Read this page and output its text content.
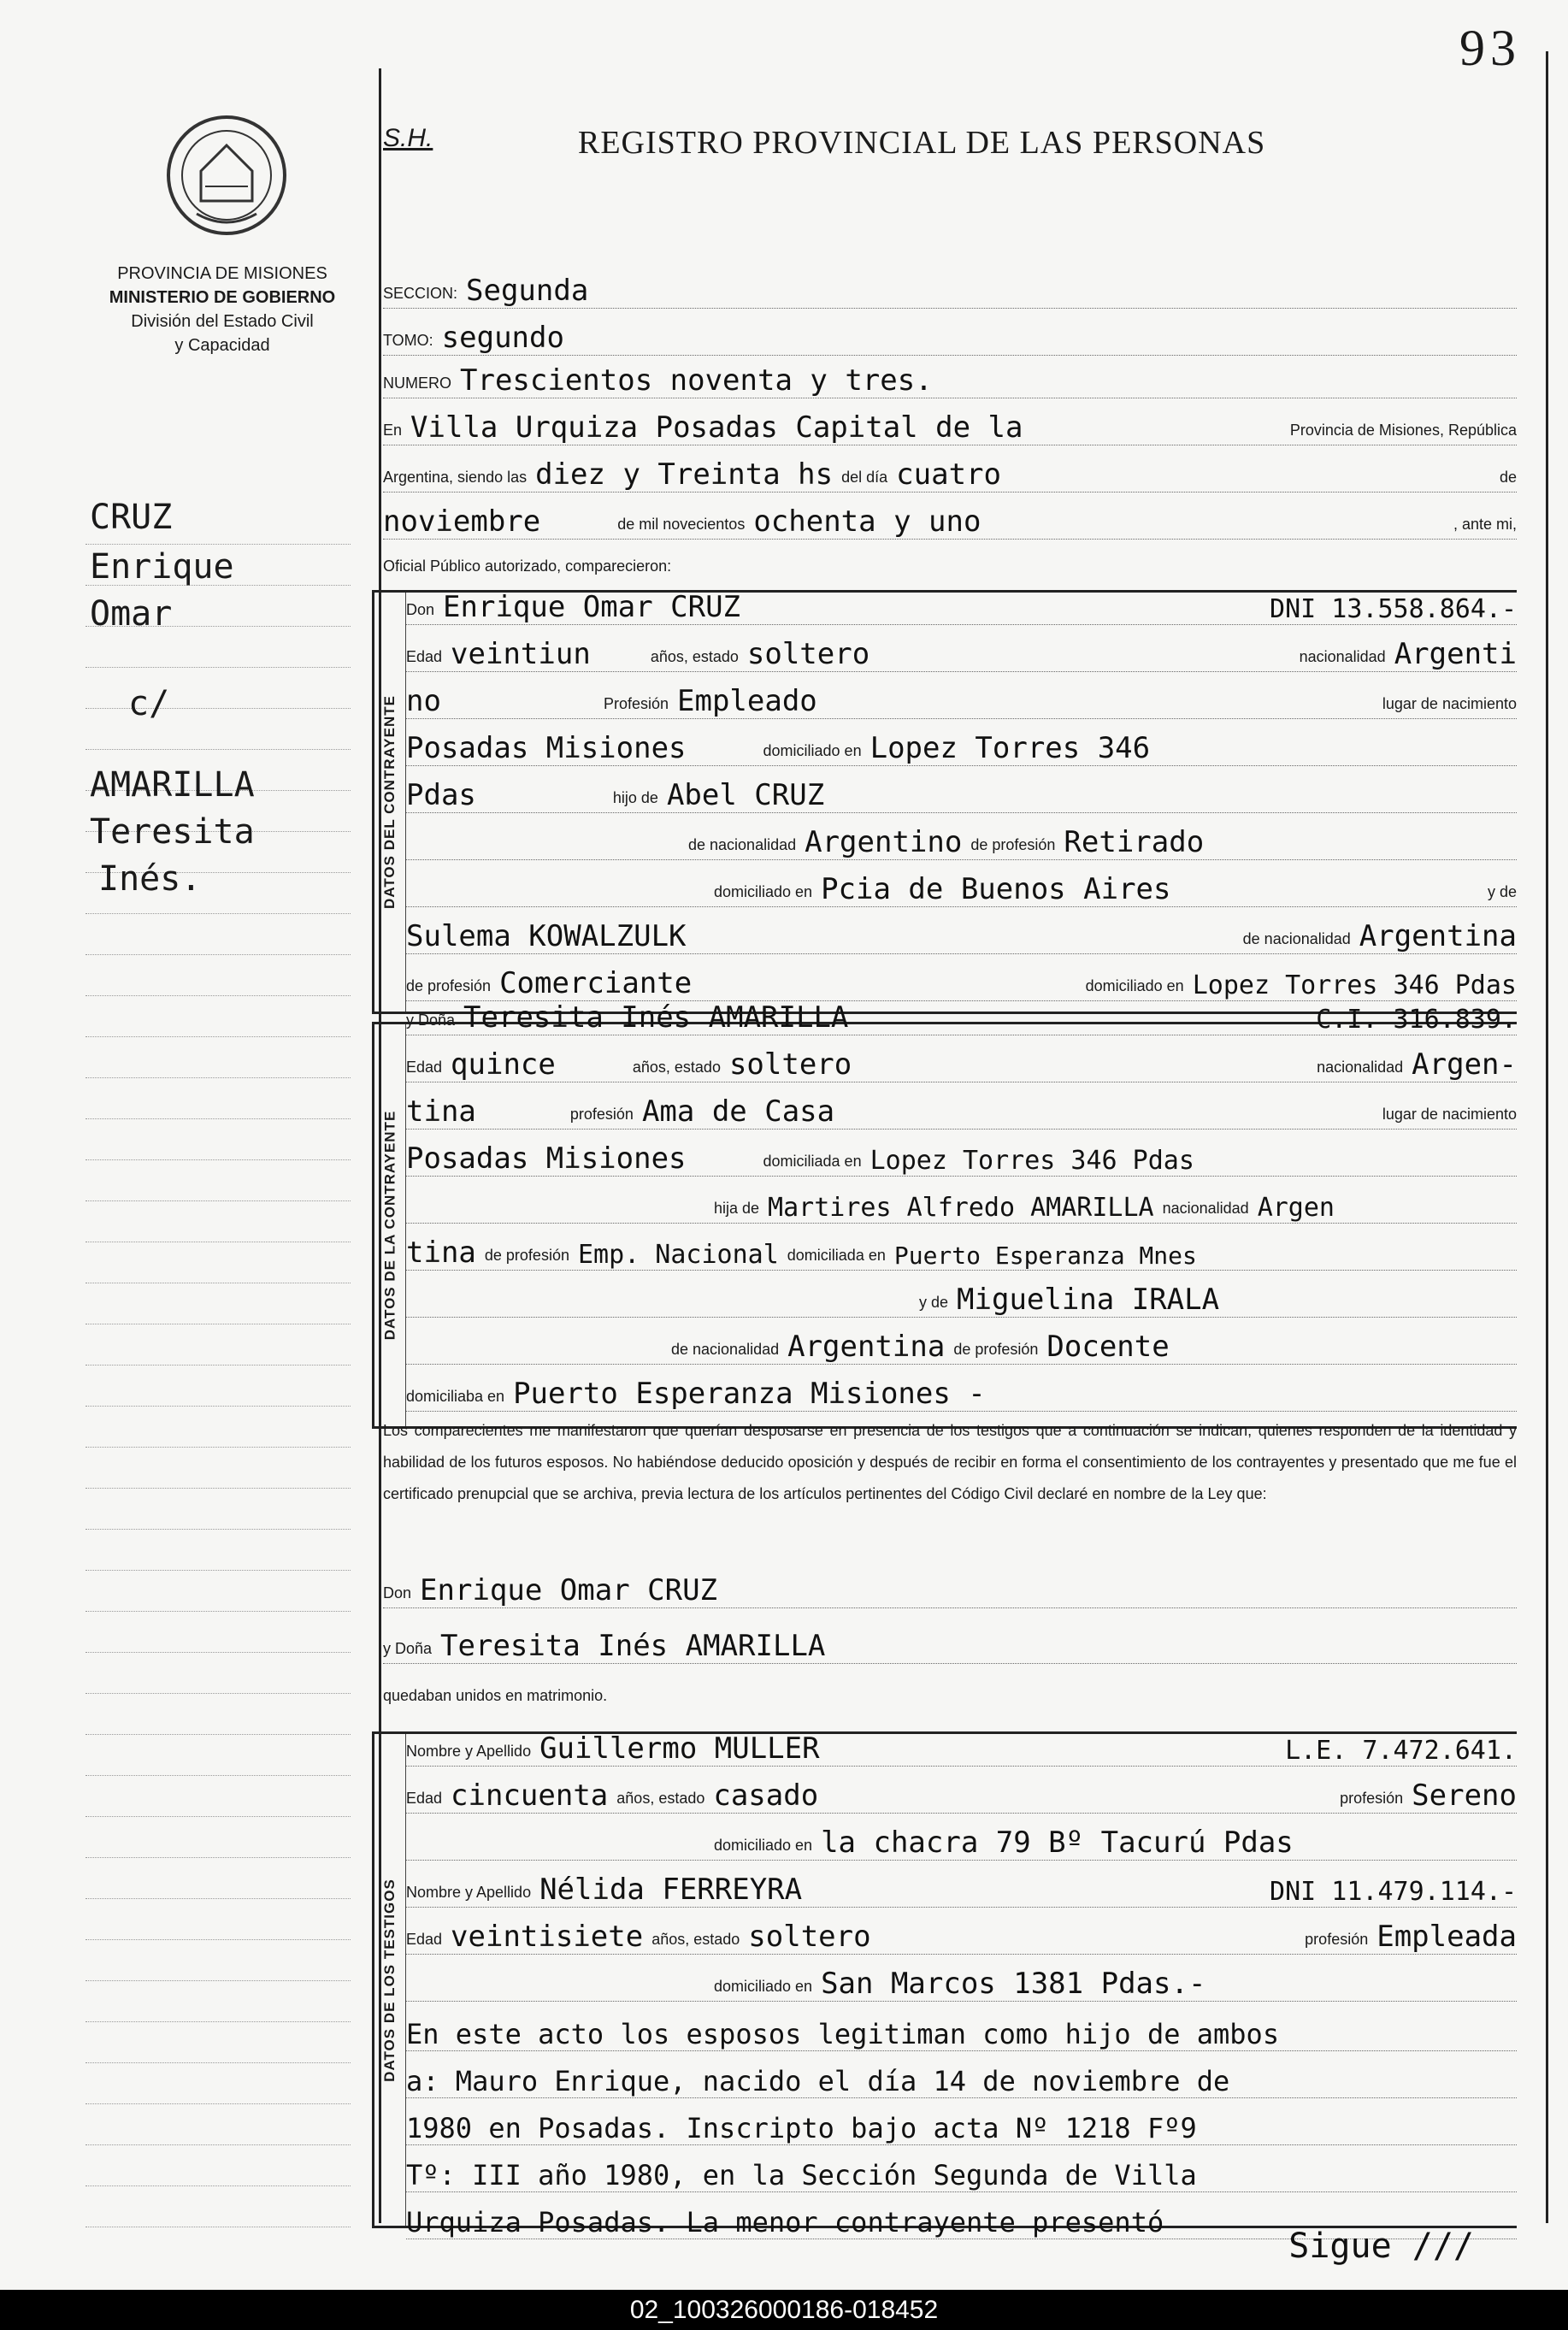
93
PROVINCIA DE MISIONES
MINISTERIO DE GOBIERNO
División del Estado Civil
y Capacidad
S.H.	REGISTRO PROVINCIAL DE LAS PERSONAS
CRUZ
Enrique
Omar
c/
AMARILLA
Teresita
Inés.
SECCION: Segunda
TOMO: segundo
NUMERO Trescientos noventa y tres.
En Villa Urquiza Posadas Capital de la	Provincia de Misiones, República
Argentina, siendo las diez y Treinta hs del día cuatro	de
noviembre	de mil novecientos ochenta y uno	, ante mi,
Oficial Público autorizado, comparecieron:
DATOS DEL CONTRAYENTE
Don Enrique Omar CRUZ	DNI 13.558.864.-
Edad veintiun	años, estado soltero	nacionalidad Argenti
no	Profesión Empleado	lugar de nacimiento
Posadas Misiones	domiciliado en Lopez Torres 346
Pdas	hijo de Abel CRUZ
de nacionalidad Argentino de profesión Retirado
domiciliado en Pcia de Buenos Aires	y de
Sulema KOWALZULK	de nacionalidad Argentina
de profesión Comerciante	domiciliado en Lopez Torres 346 Pdas
DATOS DE LA CONTRAYENTE
y Doña Teresita Inés AMARILLA	C.I. 316.839.
Edad quince	años, estado soltero	nacionalidad Argen-
tina	profesión Ama de Casa	lugar de nacimiento
Posadas Misiones	domiciliada en Lopez Torres 346 Pdas
hija de Martires Alfredo AMARILLA nacionalidad Argen
tina de profesión Emp. Nacional domiciliada en Puerto Esperanza Mnes
y de Miguelina IRALA
de nacionalidad Argentina de profesión Docente
domiciliaba en Puerto Esperanza Misiones -
Los comparecientes me manifestaron que querían desposarse en presencia de los testigos que a continuación se indican, quienes responden de la identidad y habilidad de los futuros esposos. No habiéndose deducido oposición y después de recibir en forma el consentimiento de los contrayentes y presentado que me fue el certificado prenupcial que se archiva, previa lectura de los artículos pertinentes del Código Civil declaré en nombre de la Ley que:
Don Enrique Omar CRUZ
y Doña Teresita Inés AMARILLA
quedaban unidos en matrimonio.
DATOS DE LOS TESTIGOS
Nombre y Apellido Guillermo MULLER	L.E. 7.472.641.
Edad cincuenta años, estado casado	profesión Sereno
domiciliado en la chacra 79 Bº Tacurú Pdas
Nombre y Apellido Nélida FERREYRA	DNI 11.479.114.-
Edad veintisiete años, estado soltero	profesión Empleada
domiciliado en San Marcos 1381 Pdas.-
En este acto los esposos legitiman como hijo de ambos
a: Mauro Enrique, nacido el día 14 de noviembre de
1980 en Posadas. Inscripto bajo acta Nº 1218 Fº9
Tº: III año 1980, en la Sección Segunda de Villa
Urquiza Posadas. La menor contrayente presentó
Sigue ///
02_100326000186-018452
